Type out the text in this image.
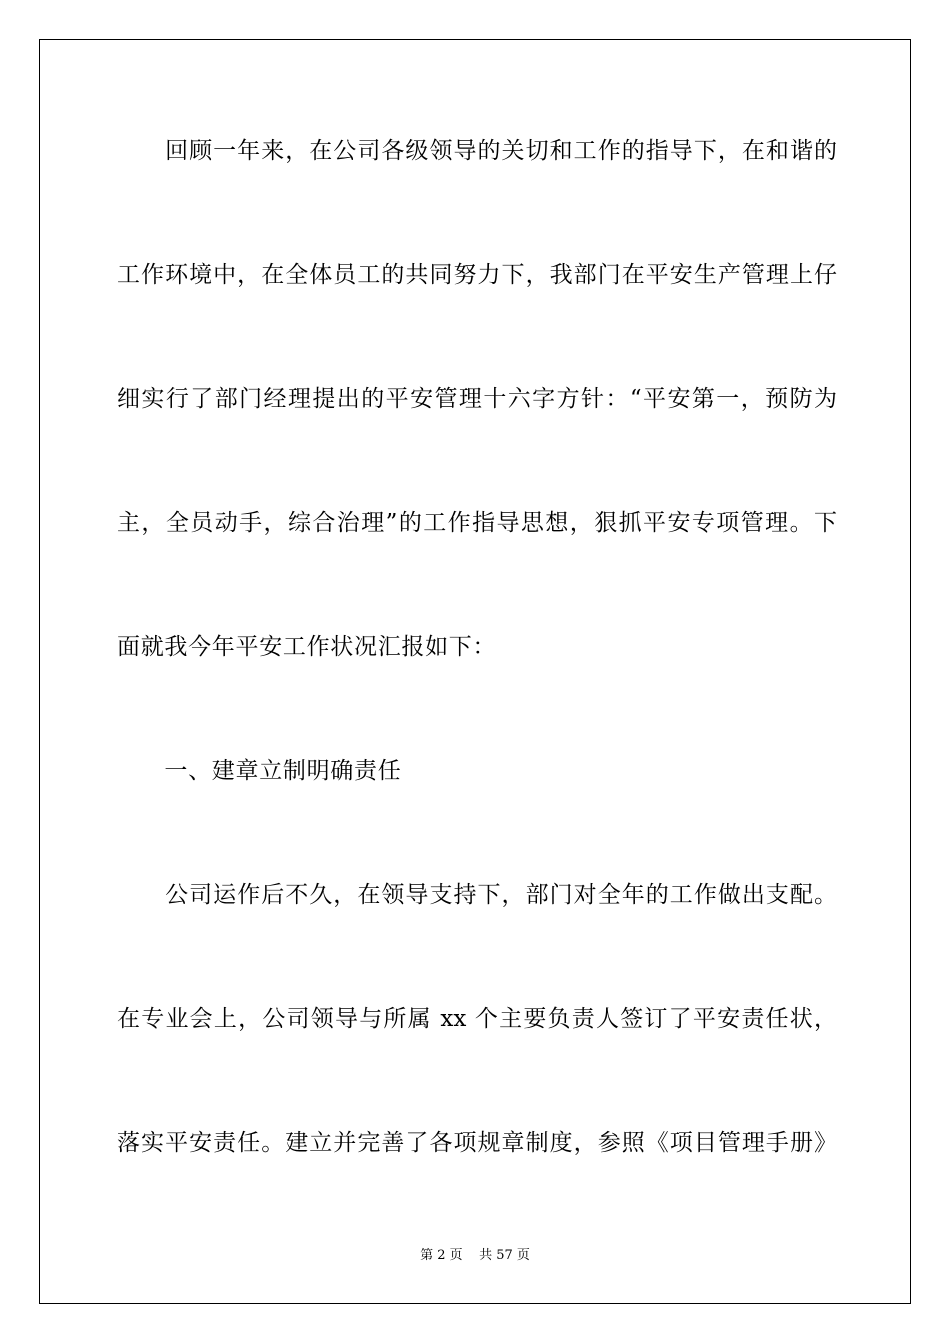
　　回顾一年来，在公司各级领导的关切和工作的指导下，在和谐的
工作环境中，在全体员工的共同努力下，我部门在平安生产管理上仔
细实行了部门经理提出的平安管理十六字方针：“平安第一，预防为
主，全员动手，综合治理”的工作指导思想，狠抓平安专项管理。下
面就我今年平安工作状况汇报如下：
　　一、建章立制明确责任
　　公司运作后不久，在领导支持下，部门对全年的工作做出支配。
在专业会上，公司领导与所属 xx 个主要负责人签订了平安责任状，
落实平安责任。建立并完善了各项规章制度，参照《项目管理手册》
第 2 页    共 57 页
